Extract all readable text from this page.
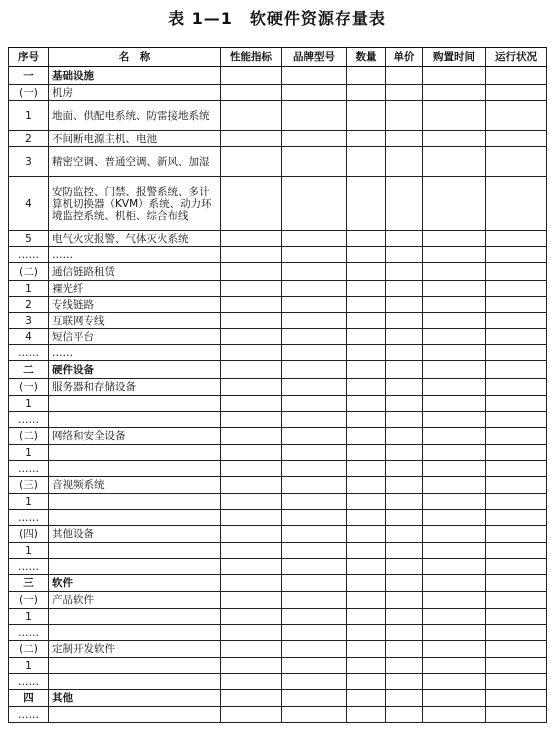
表 1—1　软硬件资源存量表
序号	名　称	性能指标	品牌型号	数量	单价	购置时间	运行状况
一	基础设施						
(一)	机房						
1	地面、供配电系统、防雷接地系统						
2	不间断电源主机、电池						
3	精密空调、普通空调、新风、加湿						
4	安防监控、门禁、报警系统、多计算机切换器（KVM）系统、动力环境监控系统、机柜、综合布线						
5	电气火灾报警、气体灭火系统						
……	……						
(二)	通信链路租赁						
1	裸光纤						
2	专线链路						
3	互联网专线						
4	短信平台						
……	……						
二	硬件设备						
(一)	服务器和存储设备						
1							
……							
(二)	网络和安全设备						
1							
……							
(三)	音视频系统						
1							
……							
(四)	其他设备						
1							
……							
三	软件						
(一)	产品软件						
1							
……							
(二)	定制开发软件						
1							
……							
四	其他						
……							
